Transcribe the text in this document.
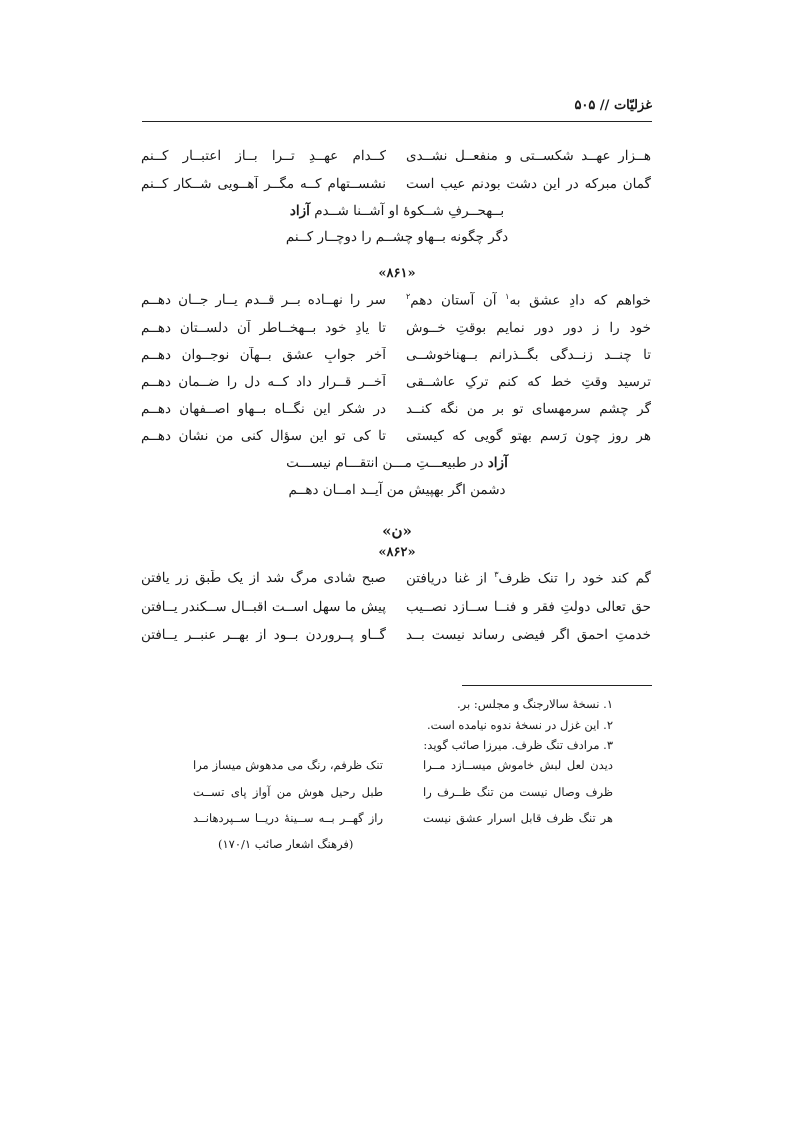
غزلیّات // ۵۰۵
هــزار عهــد شکســتی و منفعــل نشــدی
کــدام عهــدِ تــرا بــاز اعتبــار کــنم
گمان مبرکه در این دشت بودنم عیب است
نشســتهام کــه مگــر آهــویی شــکار کــنم
بــهحــرفِ شــکوهٔ او آشــنا شــدم آزاد
دگر چگونه بــهاو چشــم را دوچــار کــنم
«۸۶۱»
خواهم که دادِ عشق به$^۱$ آن آستان دهم$^۲$
سر را نهــاده بــر قــدم یــار جــان دهــم
خود را ز دور دور نمایم بوقتِ خــوش
تا یادِ خود بــهخــاطر آن دلســتان دهــم
تا چنــد زنــدگی بگــذرانم بــهناخوشــی
آخر جوابِ عشق بــهآن نوجــوان دهــم
ترسید وقتِ خط که کنم ترکِ عاشــقی
آخــر قــرار داد کــه دل را ضــمان دهــم
گر چشم سرمهسای تو بر من نگه کنــد
در شکر این نگــاه بــهاو اصــفهان دهــم
هر روز چون رَسم بهتو گویی که کیستی
تا کی تو این سؤال کنی من نشان دهــم
آزاد در طبیعـــتِ مـــن انتقـــام نیســـت
دشمن اگر بهپیش من آیــد امــان دهــم
«ن»
«۸۶۲»
گم کند خود را تنک ظرف$^۳$ از غنا دریافتن
صبح شادی مرگ شد از یک طَبق زر یافتن
حق تعالی دولتِ فقر و فنــا ســازد نصــیب
پیش ما سهل اســت اقبــال ســکندر یــافتن
خدمتِ احمق اگر فیضی رساند نیست بــد
گــاو پــروردن بــود از بهــر عنبــر یــافتن
۱. نسخهٔ سالارجنگ و مجلس: بر.
۲. این غزل در نسخهٔ ندوه نیامده است.
۳. مرادف تنگ ظرف. میرزا صائب گوید:
دیدن لعل لبش خاموش میســازد مــرا
تنک ظرفم، رنگ می مدهوش میساز مرا
ظرف وصال نیست من تنگ ظــرف را
طبل رحیل هوش من آواز پای تســت
هر تنگ ظرف قابل اسرار عشق نیست
راز گهــر بــه ســینهٔ دریــا ســپردهانــد
(فرهنگ اشعار صائب ۱۷۰/۱)
